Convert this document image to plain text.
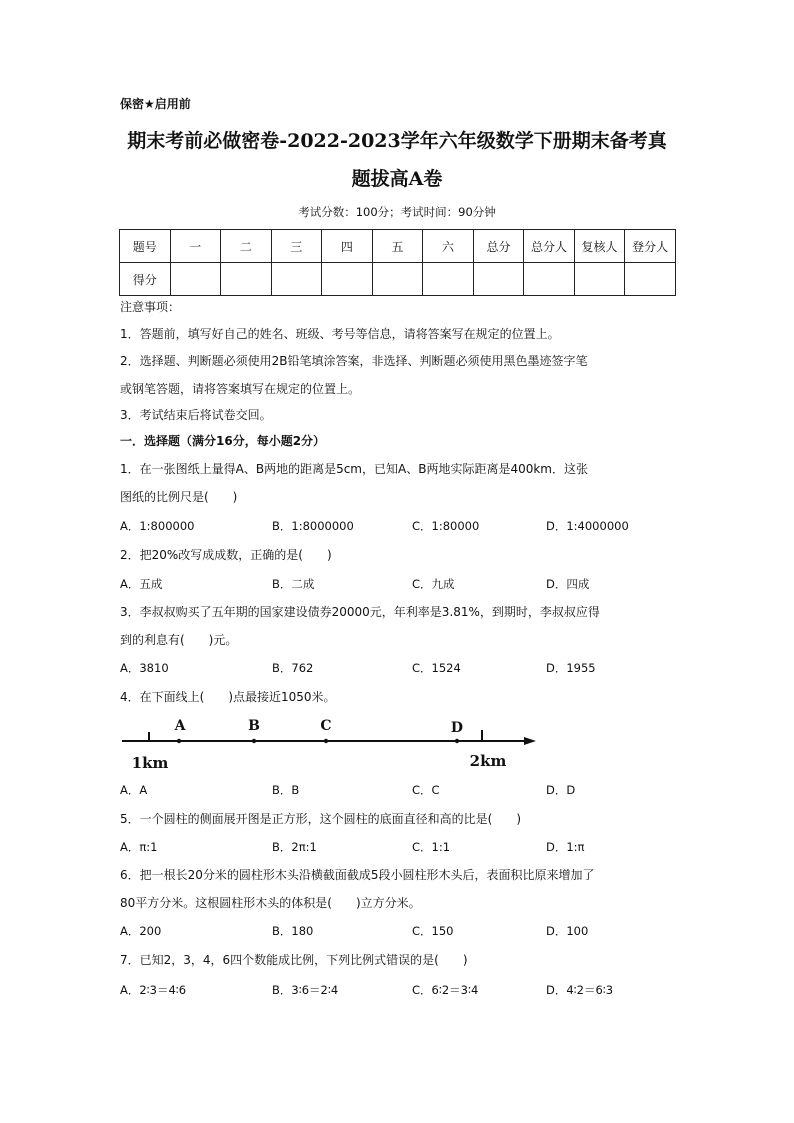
保密★启用前
期末考前必做密卷-2022-2023学年六年级数学下册期末备考真
题拔高A卷
考试分数：100分；考试时间：90分钟
题号	一	二	三	四	五	六	总分	总分人	复核人	登分人
得分										
注意事项：
1．答题前，填写好自己的姓名、班级、考号等信息，请将答案写在规定的位置上。
2．选择题、判断题必须使用2B铅笔填涂答案，非选择、判断题必须使用黑色墨迹签字笔
或钢笔答题，请将答案填写在规定的位置上。
3．考试结束后将试卷交回。
一．选择题（满分16分，每小题2分）
1．在一张图纸上量得A、B两地的距离是5cm，已知A、B两地实际距离是400km．这张
图纸的比例尺是(　　)
A．1:800000	B．1:8000000	C．1:80000	D．1:4000000
2．把20%改写成成数，正确的是(　　)
A．五成	B．二成	C．九成	D．四成
3．李叔叔购买了五年期的国家建设债券20000元，年利率是3.81%，到期时，李叔叔应得
到的利息有(　　)元。
A．3810	B．762	C．1524	D．1955
4．在下面线上(　　)点最接近1050米。
A	B	C	D
1km	2km
A．A	B．B	C．C	D．D
5．一个圆柱的侧面展开图是正方形，这个圆柱的底面直径和高的比是(　　)
A．π:1	B．2π:1	C．1:1	D．1:π
6．把一根长20分米的圆柱形木头沿横截面截成5段小圆柱形木头后，表面积比原来增加了
80平方分米。这根圆柱形木头的体积是(　　)立方分米。
A．200	B．180	C．150	D．100
7．已知2，3，4，6四个数能成比例，下列比例式错误的是(　　)
A．2∶3＝4∶6	B．3∶6＝2∶4	C．6∶2＝3∶4	D．4∶2＝6∶3
